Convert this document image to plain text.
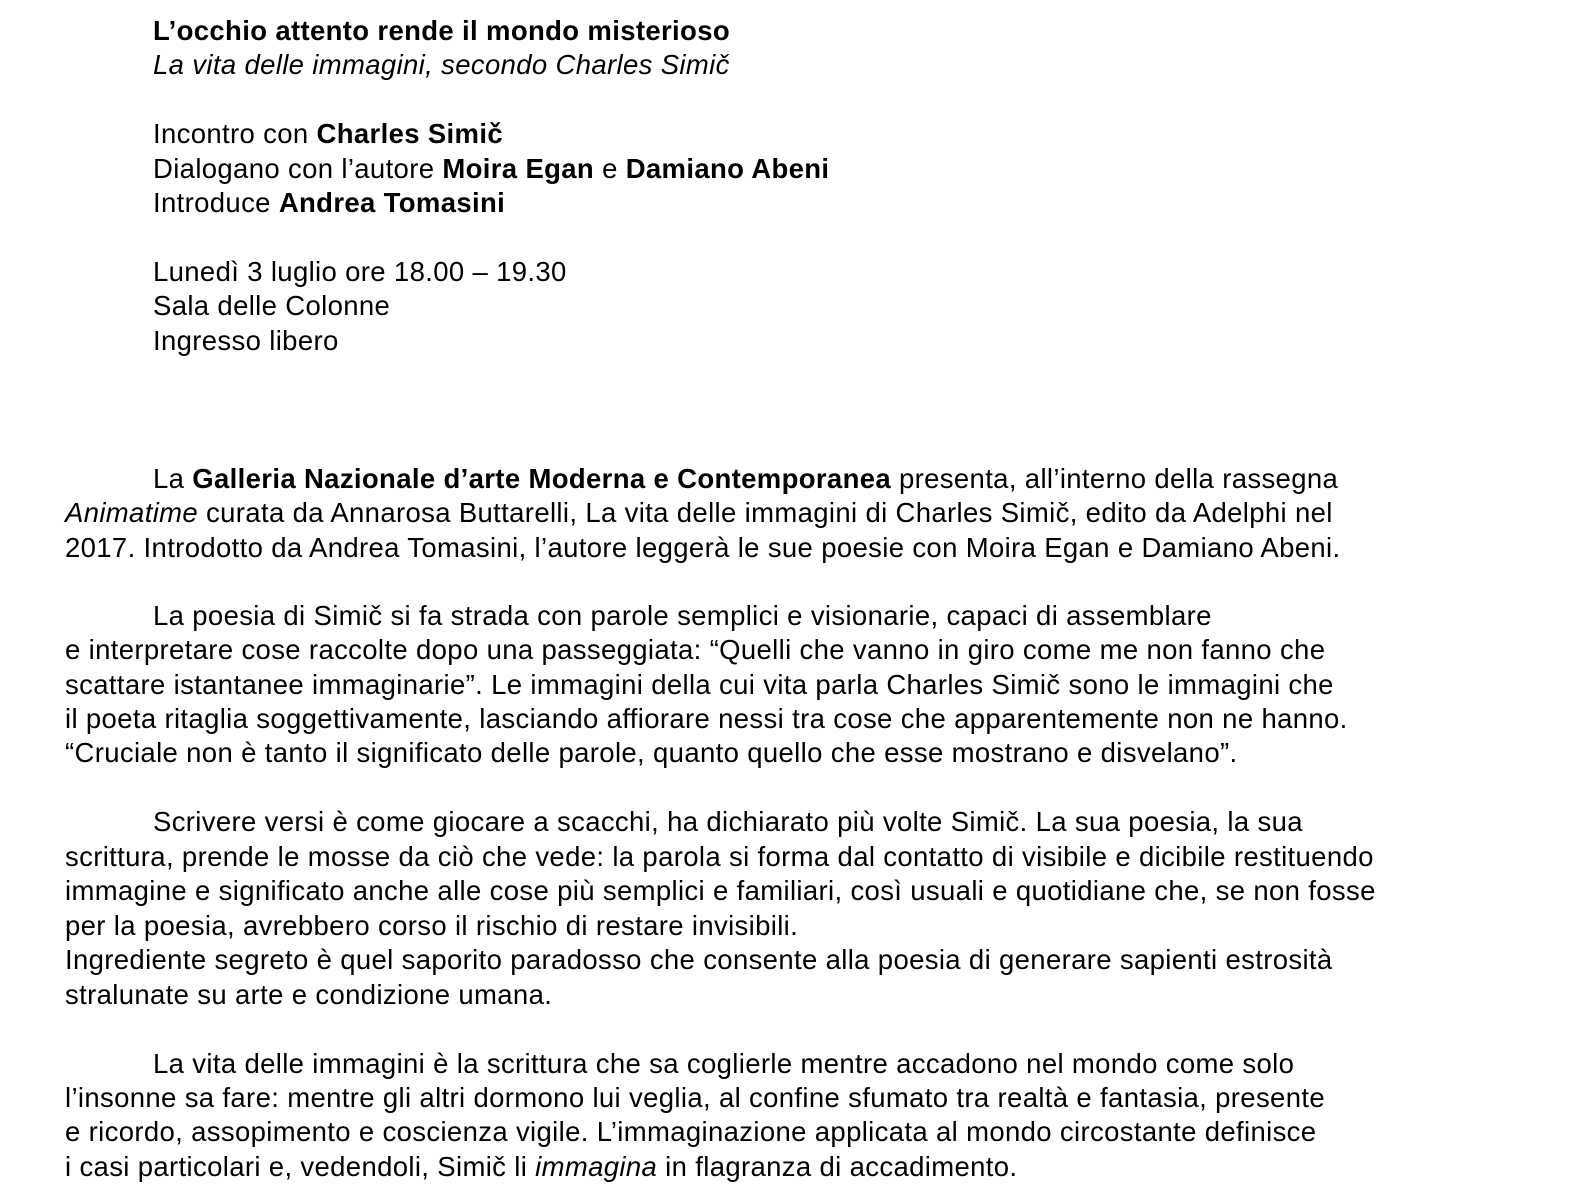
L’occhio attento rende il mondo misterioso
La vita delle immagini, secondo Charles Simič
Incontro con Charles Simič
Dialogano con l’autore Moira Egan e Damiano Abeni
Introduce Andrea Tomasini
Lunedì 3 luglio ore 18.00 – 19.30
Sala delle Colonne
Ingresso libero
La Galleria Nazionale d’arte Moderna e Contemporanea presenta, all’interno della rassegna
Animatime curata da Annarosa Buttarelli, La vita delle immagini di Charles Simič, edito da Adelphi nel
2017. Introdotto da Andrea Tomasini, l’autore leggerà le sue poesie con Moira Egan e Damiano Abeni.
La poesia di Simič si fa strada con parole semplici e visionarie, capaci di assemblare
e interpretare cose raccolte dopo una passeggiata: “Quelli che vanno in giro come me non fanno che
scattare istantanee immaginarie”. Le immagini della cui vita parla Charles Simič sono le immagini che
il poeta ritaglia soggettivamente, lasciando affiorare nessi tra cose che apparentemente non ne hanno.
“Cruciale non è tanto il significato delle parole, quanto quello che esse mostrano e disvelano”.
Scrivere versi è come giocare a scacchi, ha dichiarato più volte Simič. La sua poesia, la sua
scrittura, prende le mosse da ciò che vede: la parola si forma dal contatto di visibile e dicibile restituendo
immagine e significato anche alle cose più semplici e familiari, così usuali e quotidiane che, se non fosse
per la poesia, avrebbero corso il rischio di restare invisibili.
Ingrediente segreto è quel saporito paradosso che consente alla poesia di generare sapienti estrosità
stralunate su arte e condizione umana.
La vita delle immagini è la scrittura che sa coglierle mentre accadono nel mondo come solo
l’insonne sa fare: mentre gli altri dormono lui veglia, al confine sfumato tra realtà e fantasia, presente
e ricordo, assopimento e coscienza vigile. L’immaginazione applicata al mondo circostante definisce
i casi particolari e, vedendoli, Simič li immagina in flagranza di accadimento.
